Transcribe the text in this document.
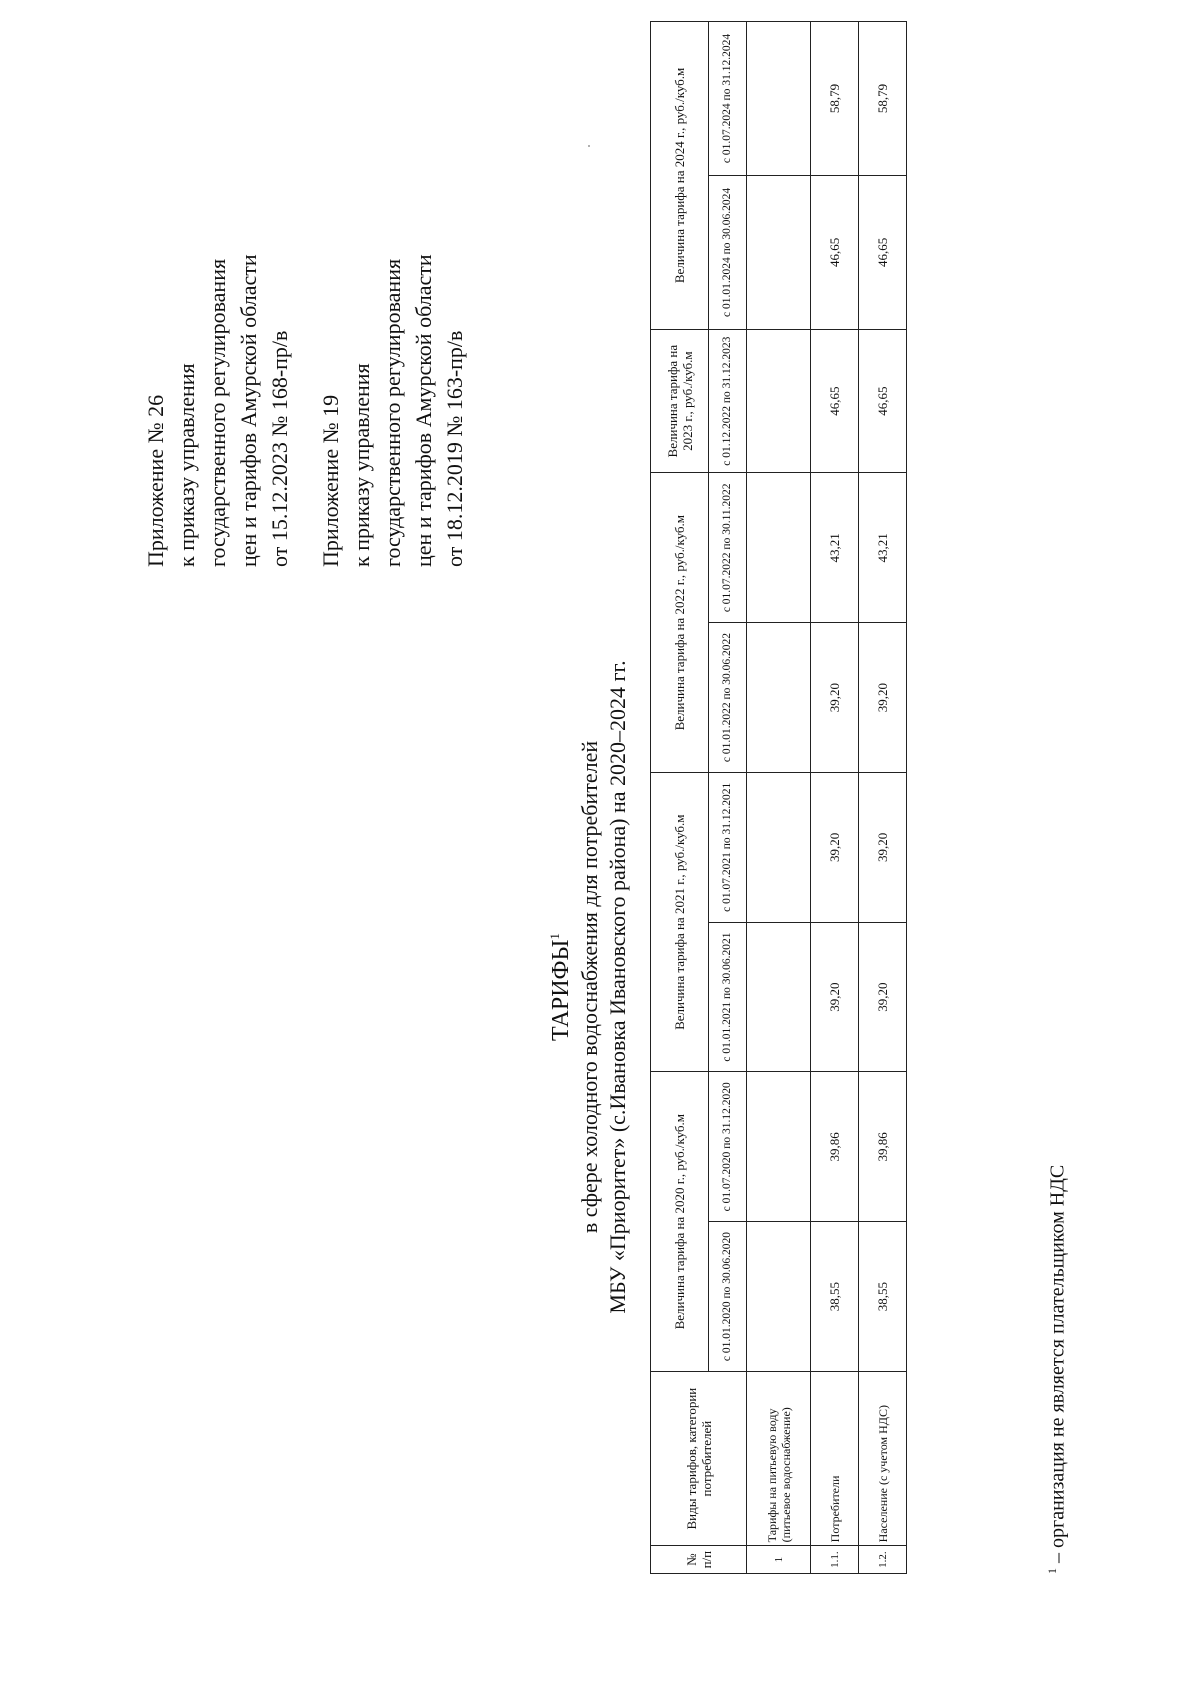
Приложение № 26 к приказу управления государственного регулирования цен и тарифов Амурской области от 15.12.2023 № 168-пр/в Приложение № 19 к приказу управления государственного регулирования цен и тарифов Амурской области от 18.12.2019 № 163-пр/в
ТАРИФЫ$^1$ в сфере холодного водоснабжения для потребителей МБУ «Приоритет» (с.Ивановка Ивановского района) на 2020–2024 гг.
№ п/п	Виды тарифов, категории потребителей	Величина тарифа на 2020 г., руб./куб.м		Величина тарифа на 2021 г., руб./куб.м		Величина тарифа на 2022 г., руб./куб.м		Величина тарифа на 2023 г., руб./куб.м	Величина тарифа на 2024 г., руб./куб.м	
		с 01.01.2020 по 30.06.2020	с 01.07.2020 по 31.12.2020	с 01.01.2021 по 30.06.2021	с 01.07.2021 по 31.12.2021	с 01.01.2022 по 30.06.2022	с 01.07.2022 по 30.11.2022	с 01.12.2022 по 31.12.2023	с 01.01.2024 по 30.06.2024	с 01.07.2024 по 31.12.2024
1	Тарифы на питьевую воду (питьевое водоснабжение)									
1.1.	Потребители	38,55	39,86	39,20	39,20	39,20	43,21	46,65	46,65	58,79
1.2.	Население (с учетом НДС)	38,55	39,86	39,20	39,20	39,20	43,21	46,65	46,65	58,79
$^1$ – организация не является плательщиком НДС
